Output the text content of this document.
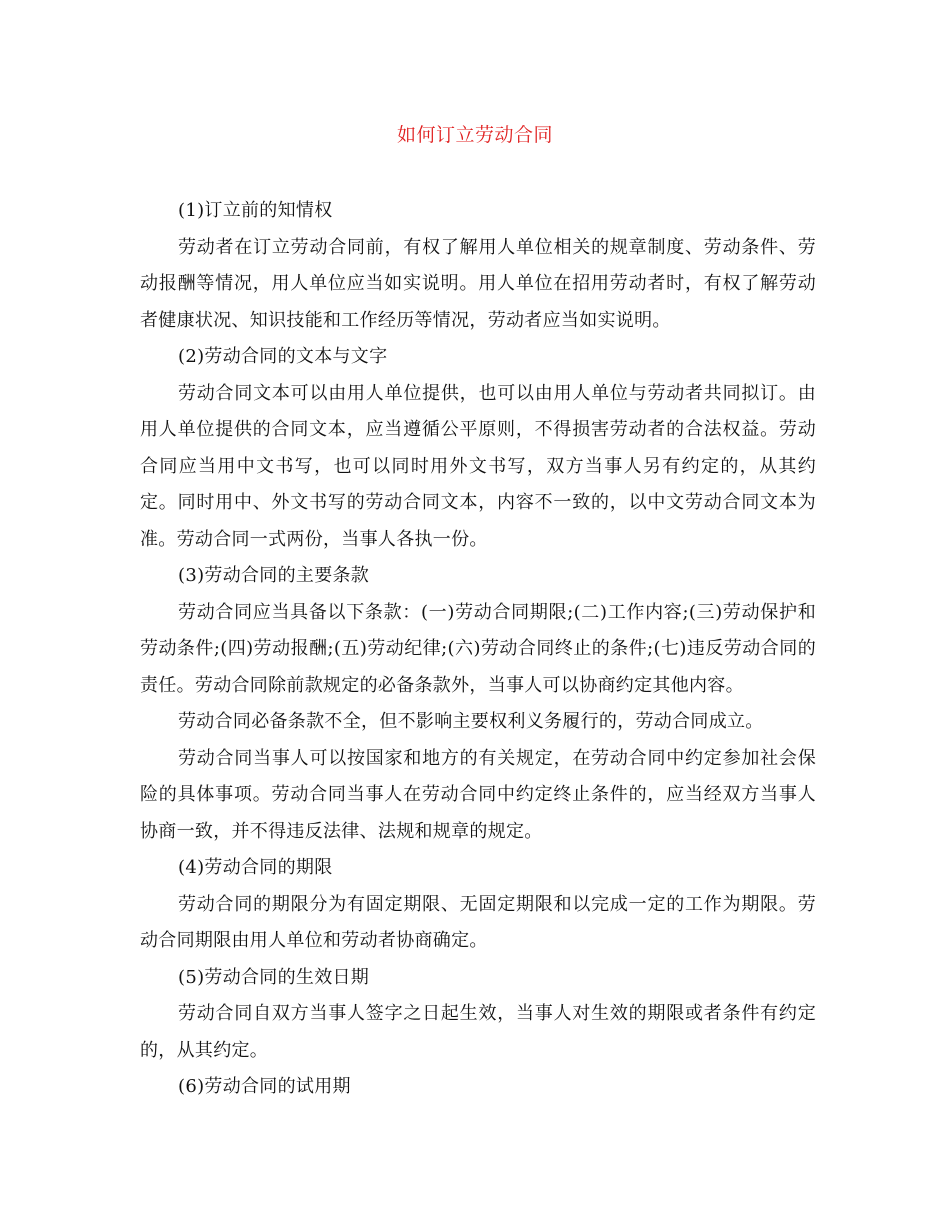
如何订立劳动合同

(1)订立前的知情权

劳动者在订立劳动合同前，有权了解用人单位相关的规章制度、劳动条件、劳动报酬等情况，用人单位应当如实说明。用人单位在招用劳动者时，有权了解劳动者健康状况、知识技能和工作经历等情况，劳动者应当如实说明。

(2)劳动合同的文本与文字

劳动合同文本可以由用人单位提供，也可以由用人单位与劳动者共同拟订。由用人单位提供的合同文本，应当遵循公平原则，不得损害劳动者的合法权益。劳动合同应当用中文书写，也可以同时用外文书写，双方当事人另有约定的，从其约定。同时用中、外文书写的劳动合同文本，内容不一致的，以中文劳动合同文本为准。劳动合同一式两份，当事人各执一份。

(3)劳动合同的主要条款

劳动合同应当具备以下条款：(一)劳动合同期限;(二)工作内容;(三)劳动保护和劳动条件;(四)劳动报酬;(五)劳动纪律;(六)劳动合同终止的条件;(七)违反劳动合同的责任。劳动合同除前款规定的必备条款外，当事人可以协商约定其他内容。

劳动合同必备条款不全，但不影响主要权利义务履行的，劳动合同成立。

劳动合同当事人可以按国家和地方的有关规定，在劳动合同中约定参加社会保险的具体事项。劳动合同当事人在劳动合同中约定终止条件的，应当经双方当事人协商一致，并不得违反法律、法规和规章的规定。

(4)劳动合同的期限

劳动合同的期限分为有固定期限、无固定期限和以完成一定的工作为期限。劳动合同期限由用人单位和劳动者协商确定。

(5)劳动合同的生效日期

劳动合同自双方当事人签字之日起生效，当事人对生效的期限或者条件有约定的，从其约定。

(6)劳动合同的试用期
